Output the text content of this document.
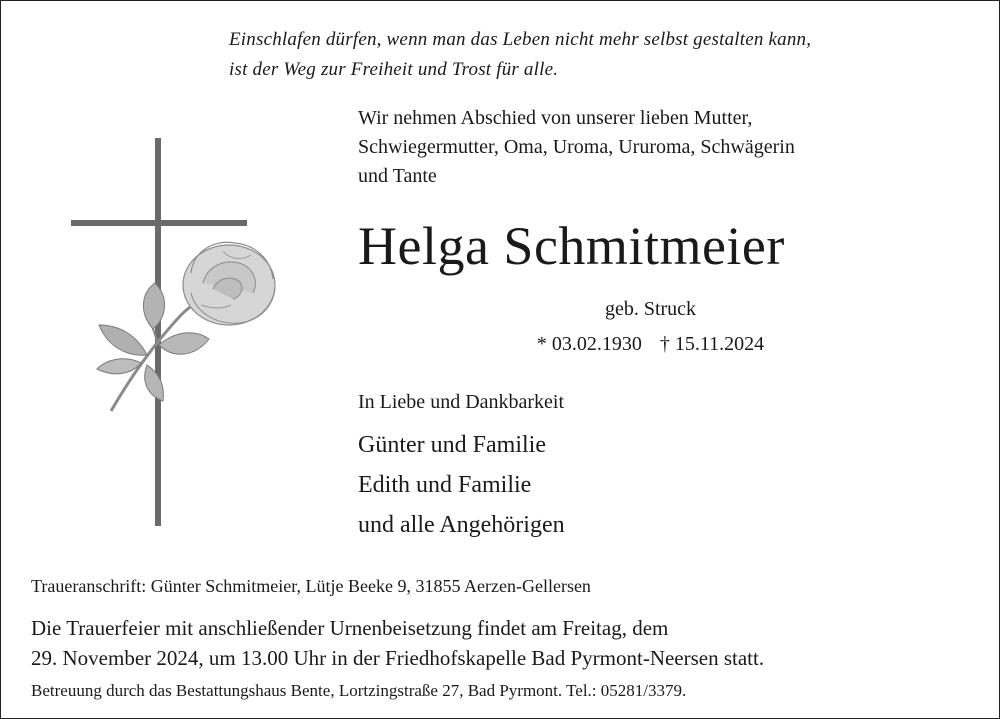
Einschlafen dürfen, wenn man das Leben nicht mehr selbst gestalten kann,
ist der Weg zur Freiheit und Trost für alle.
Wir nehmen Abschied von unserer lieben Mutter,
Schwiegermutter, Oma, Uroma, Ururoma, Schwägerin
und Tante
Helga Schmitmeier
geb. Struck
* 03.02.1930 † 15.11.2024
In Liebe und Dankbarkeit
Günter und Familie
Edith und Familie
und alle Angehörigen
Traueranschrift: Günter Schmitmeier, Lütje Beeke 9, 31855 Aerzen-Gellersen
Die Trauerfeier mit anschließender Urnenbeisetzung findet am Freitag, dem
29. November 2024, um 13.00 Uhr in der Friedhofskapelle Bad Pyrmont-Neersen statt.
Betreuung durch das Bestattungshaus Bente, Lortzingstraße 27, Bad Pyrmont. Tel.: 05281/3379.
